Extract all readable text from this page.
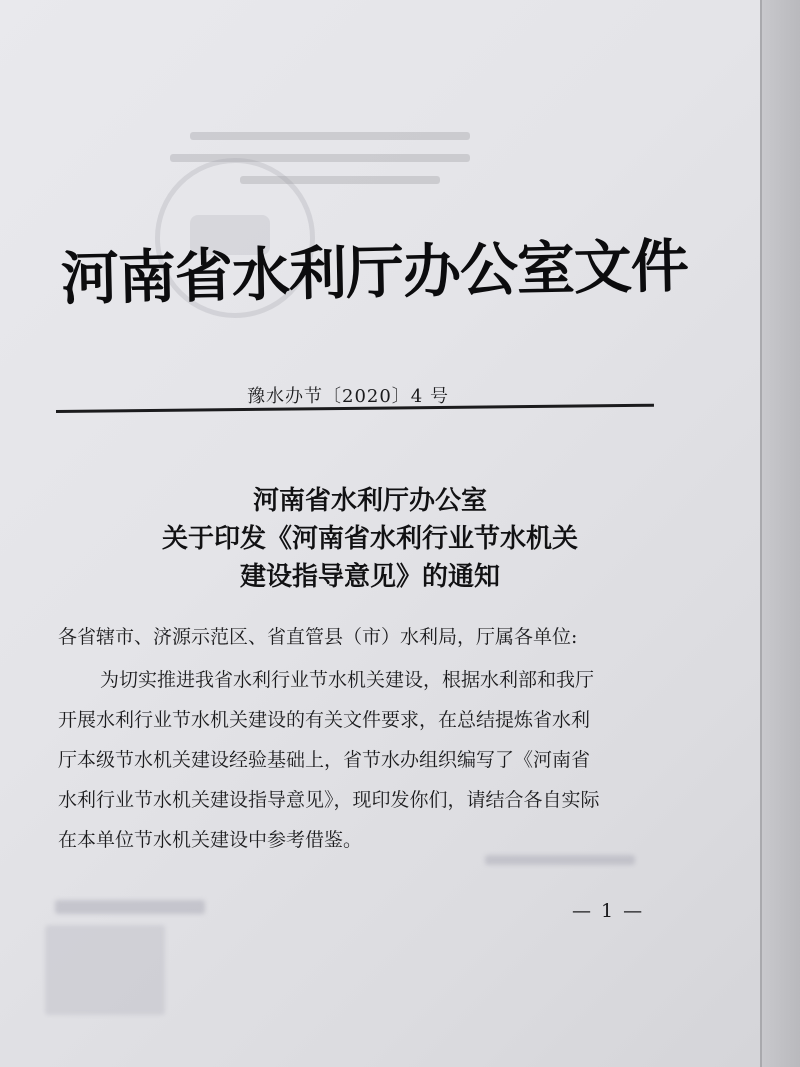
河南省水利厅办公室文件
豫水办节〔2020〕4 号
河南省水利厅办公室
关于印发《河南省水利行业节水机关
建设指导意见》的通知
各省辖市、济源示范区、省直管县（市）水利局，厅属各单位:
为切实推进我省水利行业节水机关建设，根据水利部和我厅
开展水利行业节水机关建设的有关文件要求，在总结提炼省水利
厅本级节水机关建设经验基础上，省节水办组织编写了《河南省
水利行业节水机关建设指导意见》，现印发你们，请结合各自实际
在本单位节水机关建设中参考借鉴。
— 1 —
